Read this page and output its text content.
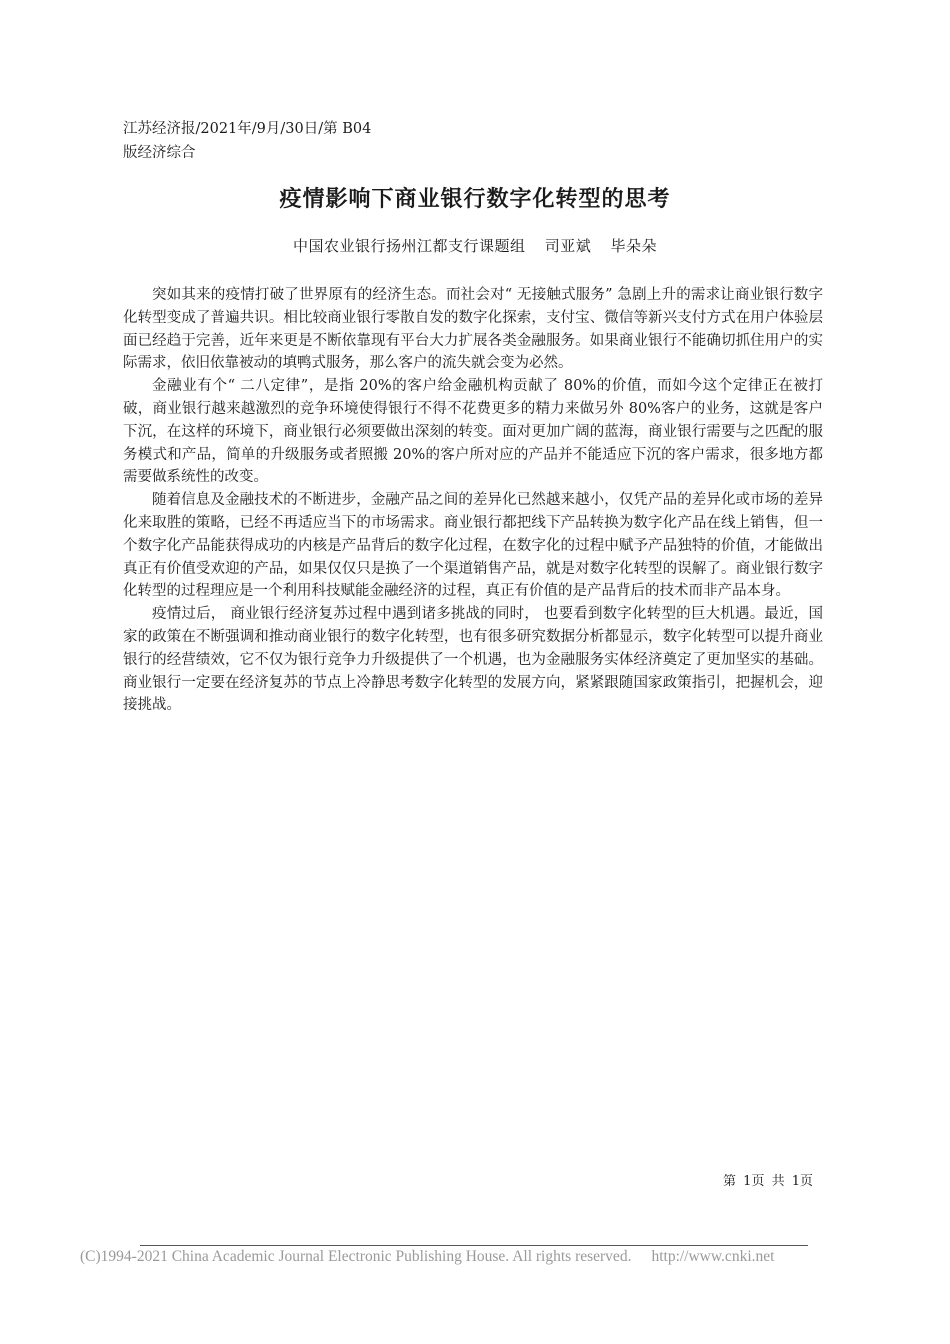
江苏经济报/2021年/9月/30日/第 B04
版经济综合
疫情影响下商业银行数字化转型的思考
中国农业银行扬州江都支行课题组 司亚斌 毕朵朵

突如其来的疫情打破了世界原有的经济生态。而社会对“ 无接触式服务” 急剧上升的需求让商业银行数字化转型变成了普遍共识。相比较商业银行零散自发的数字化探索，支付宝、微信等新兴支付方式在用户体验层面已经趋于完善，近年来更是不断依靠现有平台大力扩展各类金融服务。如果商业银行不能确切抓住用户的实际需求，依旧依靠被动的填鸭式服务，那么客户的流失就会变为必然。

金融业有个“ 二八定律”，是指 20%的客户给金融机构贡献了 80%的价值，而如今这个定律正在被打破，商业银行越来越激烈的竞争环境使得银行不得不花费更多的精力来做另外 80%客户的业务，这就是客户下沉，在这样的环境下，商业银行必须要做出深刻的转变。面对更加广阔的蓝海，商业银行需要与之匹配的服务模式和产品，简单的升级服务或者照搬 20%的客户所对应的产品并不能适应下沉的客户需求，很多地方都需要做系统性的改变。

随着信息及金融技术的不断进步，金融产品之间的差异化已然越来越小，仅凭产品的差异化或市场的差异化来取胜的策略，已经不再适应当下的市场需求。商业银行都把线下产品转换为数字化产品在线上销售，但一个数字化产品能获得成功的内核是产品背后的数字化过程，在数字化的过程中赋予产品独特的价值，才能做出真正有价值受欢迎的产品，如果仅仅只是换了一个渠道销售产品，就是对数字化转型的误解了。商业银行数字化转型的过程理应是一个利用科技赋能金融经济的过程，真正有价值的是产品背后的技术而非产品本身。

疫情过后， 商业银行经济复苏过程中遇到诸多挑战的同时， 也要看到数字化转型的巨大机遇。最近，国家的政策在不断强调和推动商业银行的数字化转型，也有很多研究数据分析都显示，数字化转型可以提升商业银行的经营绩效，它不仅为银行竞争力升级提供了一个机遇，也为金融服务实体经济奠定了更加坚实的基础。商业银行一定要在经济复苏的节点上冷静思考数字化转型的发展方向，紧紧跟随国家政策指引，把握机会，迎接挑战。

第 1页 共 1页
(C)1994-2021 China Academic Journal Electronic Publishing House. All rights reserved. http://www.cnki.net
